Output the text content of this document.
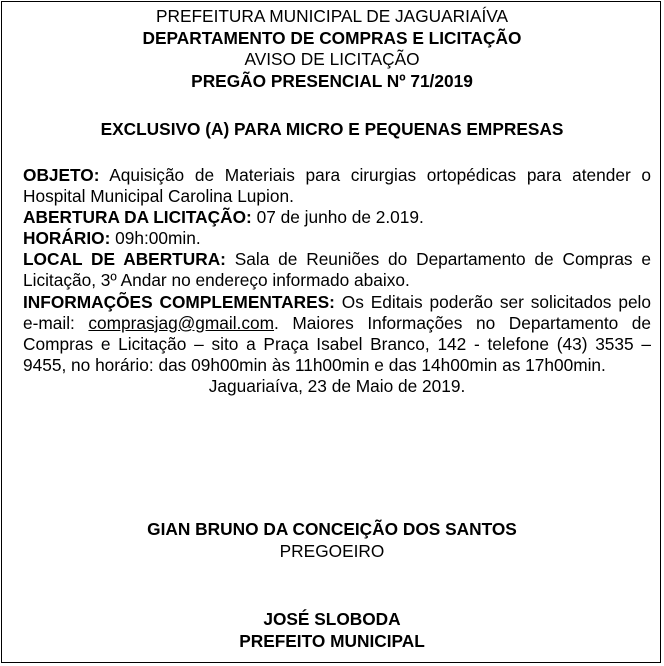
PREFEITURA MUNICIPAL DE JAGUARIAÍVA
DEPARTAMENTO DE COMPRAS E LICITAÇÃO
AVISO DE LICITAÇÃO
PREGÃO PRESENCIAL Nº 71/2019
EXCLUSIVO (A) PARA MICRO E PEQUENAS EMPRESAS

OBJETO: Aquisição de Materiais para cirurgias ortopédicas para atender o Hospital Municipal Carolina Lupion.

ABERTURA DA LICITAÇÃO: 07 de junho de 2.019.

HORÁRIO: 09h:00min.

LOCAL DE ABERTURA: Sala de Reuniões do Departamento de Compras e Licitação, 3º Andar no endereço informado abaixo.

INFORMAÇÕES COMPLEMENTARES: Os Editais poderão ser solicitados pelo e-mail: comprasjag@gmail.com. Maiores Informações no Departamento de Compras e Licitação – sito a Praça Isabel Branco, 142 - telefone (43) 3535 – 9455, no horário: das 09h00min às 11h00min e das 14h00min as 17h00min.

Jaguariaíva, 23 de Maio de 2019.

GIAN BRUNO DA CONCEIÇÃO DOS SANTOS
PREGOEIRO
JOSÉ SLOBODA
PREFEITO MUNICIPAL
